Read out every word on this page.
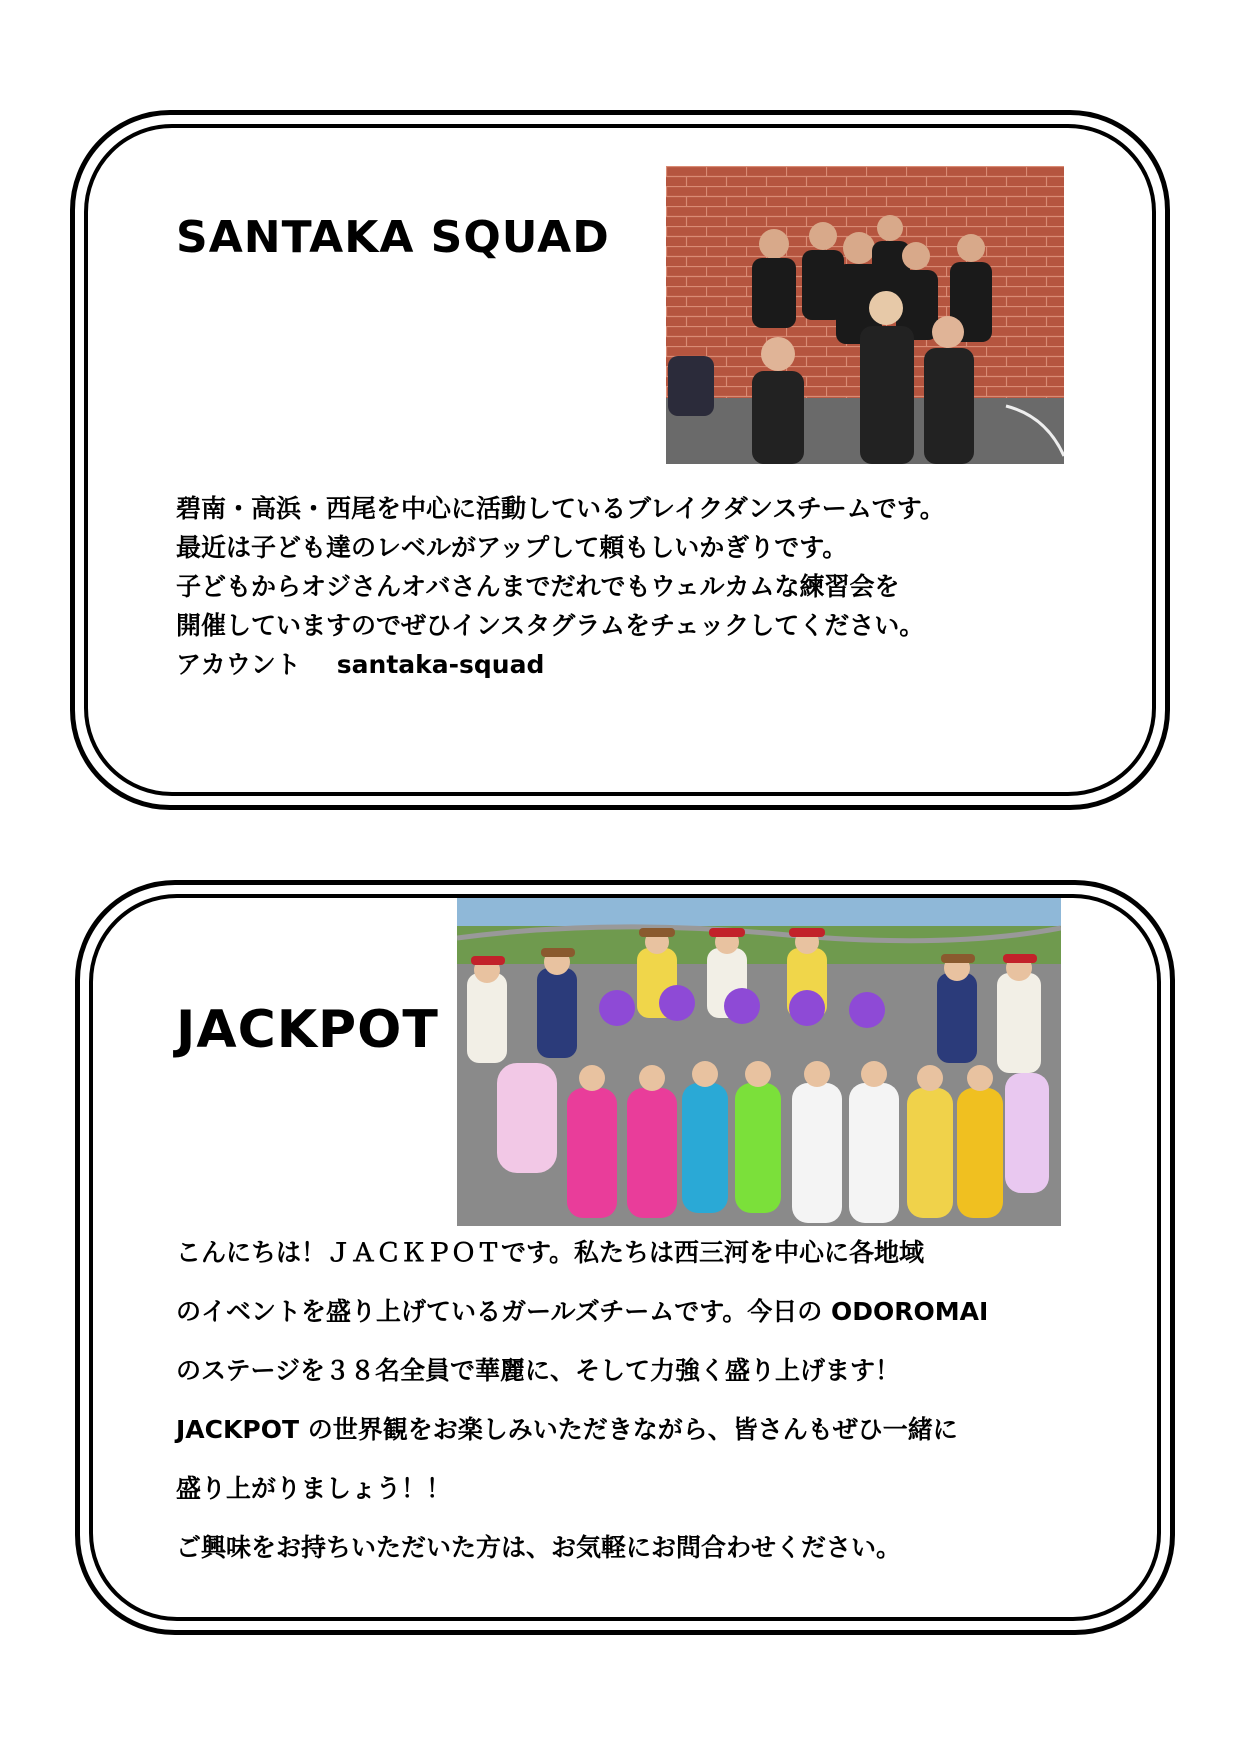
SANTAKA SQUAD
碧南・高浜・西尾を中心に活動しているブレイクダンスチームです。
最近は子ども達のレベルがアップして頼もしいかぎりです。
子どもからオジさんオバさんまでだれでもウェルカムな練習会を
開催していますのでぜひインスタグラムをチェックしてください。
アカウント santaka-squad
JACKPOT
こんにちは！ＪＡＣＫＰＯＴです。私たちは西三河を中心に各地域
のイベントを盛り上げているガールズチームです。今日の ODOROMAI
のステージを３８名全員で華麗に、そして力強く盛り上げます！
JACKPOT の世界観をお楽しみいただきながら、皆さんもぜひ一緒に
盛り上がりましょう！！
ご興味をお持ちいただいた方は、お気軽にお問合わせください。
